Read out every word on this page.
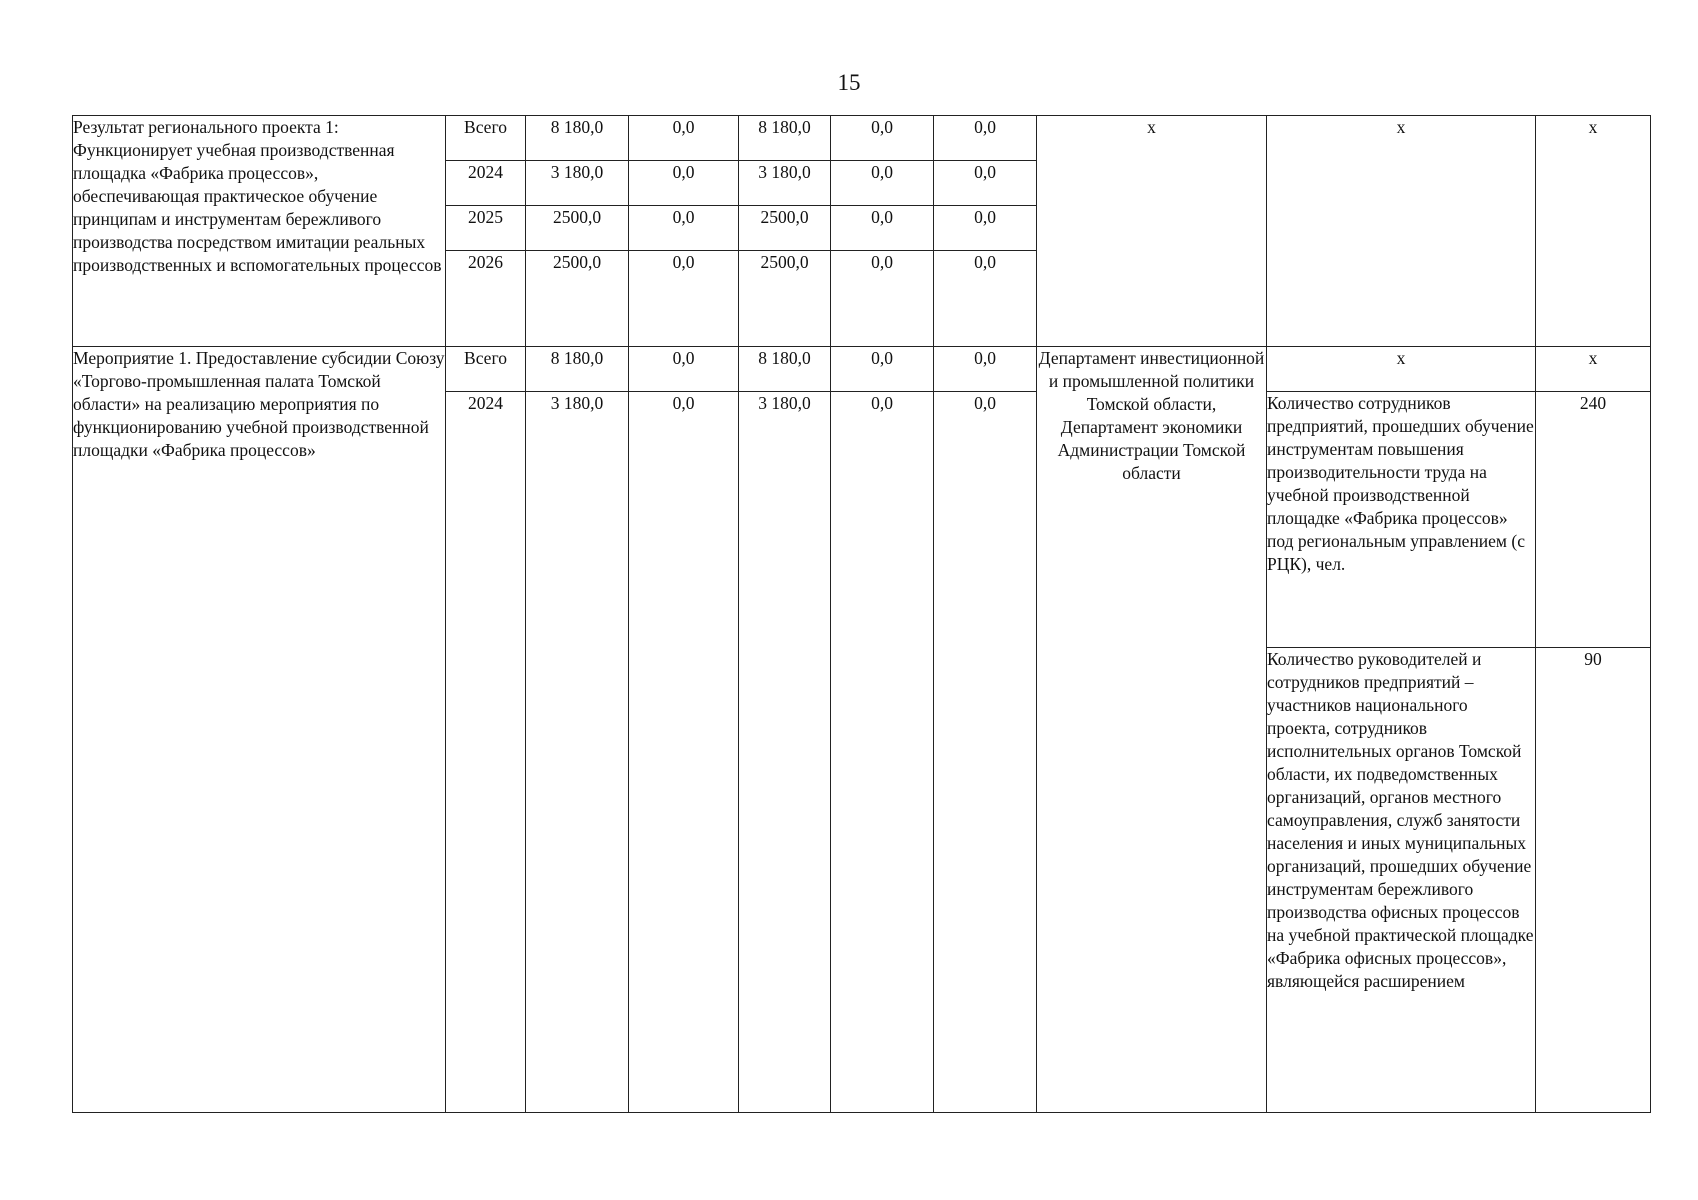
15
Результат регионального проекта 1: Функционирует учебная производственная площадка «Фабрика процессов», обеспечивающая практическое обучение принципам и инструментам бережливого производства посредством имитации реальных производственных и вспомогательных процессов	Всего	8 180,0	0,0	8 180,0	0,0	0,0	х	х	х
	2024	3 180,0	0,0	3 180,0	0,0	0,0			
	2025	2500,0	0,0	2500,0	0,0	0,0			
	2026	2500,0	0,0	2500,0	0,0	0,0			
Мероприятие 1. Предоставление субсидии Союзу «Торгово-промышленная палата Томской области» на реализацию мероприятия по функционированию учебной производственной площадки «Фабрика процессов»	Всего	8 180,0	0,0	8 180,0	0,0	0,0	Департамент инвестиционной и промышленной политики Томской области, Департамент экономики Администрации Томской области	х	х
	2024	3 180,0	0,0	3 180,0	0,0	0,0		Количество сотрудников предприятий, прошедших обучение инструментам повышения производительности труда на учебной производственной площадке «Фабрика процессов» под региональным управлением (с РЦК), чел.	240
								Количество руководителей и сотрудников предприятий – участников национального проекта, сотрудников исполнительных органов Томской области, их подведомственных организаций, органов местного самоуправления, служб занятости населения и иных муниципальных организаций, прошедших обучение инструментам бережливого производства офисных процессов на учебной практической площадке «Фабрика офисных процессов», являющейся расширением	90
